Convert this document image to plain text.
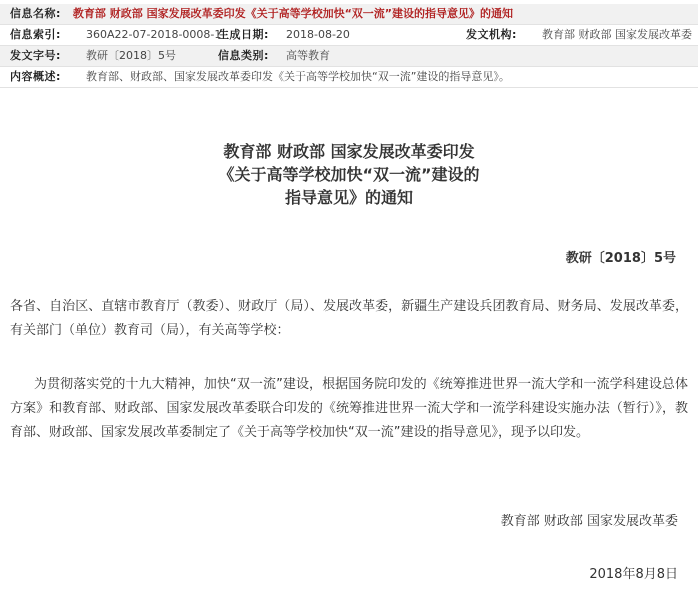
信息名称: 教育部 财政部 国家发展改革委印发《关于高等学校加快“双一流”建设的指导意见》的通知
信息索引:	360A22-07-2018-0008-1
生成日期:	2018-08-20	发文机构:	教育部 财政部 国家发展改革委
发文字号:	教研〔2018〕5号	信息类别:	高等教育
内容概述:	教育部、财政部、国家发展改革委印发《关于高等学校加快“双一流”建设的指导意见》。
教育部 财政部 国家发展改革委印发
《关于高等学校加快“双一流”建设的
指导意见》的通知
教研〔2018〕5号
各省、自治区、直辖市教育厅（教委）、财政厅（局）、发展改革委，新疆生产建设兵团教育局、财务局、发展改革委，有关部门（单位）教育司（局），有关高等学校：
为贯彻落实党的十九大精神，加快“双一流”建设，根据国务院印发的《统筹推进世界一流大学和一流学科建设总体方案》和教育部、财政部、国家发展改革委联合印发的《统筹推进世界一流大学和一流学科建设实施办法（暂行）》，教育部、财政部、国家发展改革委制定了《关于高等学校加快“双一流”建设的指导意见》，现予以印发。
教育部 财政部 国家发展改革委
2018年8月8日
